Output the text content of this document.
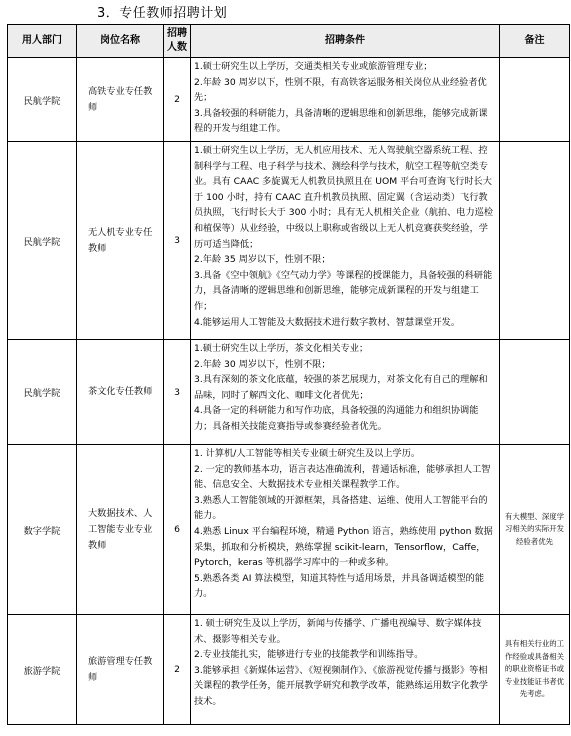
3．专任教师招聘计划
用人部门	岗位名称	招聘人数	招聘条件	备注
民航学院	高铁专业专任教师	2	1.硕士研究生以上学历，交通类相关专业或旅游管理专业；

2.年龄 30 周岁以下，性别不限，有高铁客运服务相关岗位从业经验者优先；

3.具备较强的科研能力，具备清晰的逻辑思维和创新思维，能够完成新课程的开发与组建工作。	

民航学院	无人机专业专任教师	3	1.硕士研究生以上学历，无人机应用技术、无人驾驶航空器系统工程、控制科学与工程、电子科学与技术、测绘科学与技术，航空工程等航空类专业。具有 CAAC 多旋翼无人机教员执照且在 UOM 平台可查询飞行时长大于 100 小时，持有 CAAC 直升机教员执照、固定翼（含运动类）飞行教员执照，飞行时长大于 300 小时；具有无人机相关企业（航拍、电力巡检和植保等）从业经验，中级以上职称或省级以上无人机竞赛获奖经验，学历可适当降低；

2.年龄 35 周岁以下，性别不限；

3.具备《空中领航》《空气动力学》等课程的授课能力，具备较强的科研能力，具备清晰的逻辑思维和创新思维，能够完成新课程的开发与组建工作；

4.能够运用人工智能及大数据技术进行数字教材、智慧课堂开发。	

民航学院	茶文化专任教师	3	1.硕士研究生以上学历，茶文化相关专业；

2.年龄 30 周岁以下，性别不限；

3.具有深刻的茶文化底蕴，较强的茶艺展现力，对茶文化有自己的理解和品味，同时了解西文化、咖啡文化者优先；

4.具备一定的科研能力和写作功底，具备较强的沟通能力和组织协调能力；具备相关技能竞赛指导或参赛经验者优先。	

数字学院	大数据技术、人工智能专业专业教师	6	1. 计算机/人工智能等相关专业硕士研究生及以上学历。

2. 一定的教师基本功，语言表达准确流利，普通话标准，能够承担人工智能、信息安全、大数据技术专业相关课程教学工作。

3.熟悉人工智能领域的开源框架，具备搭建、运维、使用人工智能平台的能力。

4.熟悉 Linux 平台编程环境，精通 Python 语言，熟练使用 python 数据采集，抓取和分析模块，熟练掌握 scikit-learn，Tensorflow，Caffe，Pytorch，keras 等机器学习库中的一种或多种。

5.熟悉各类 AI 算法模型，知道其特性与适用场景，并具备调适模型的能力。	有大模型、深度学习相关的实际开发经验者优先
旅游学院	旅游管理专任教师	2	1. 硕士研究生及以上学历，新闻与传播学、广播电视编导、数字媒体技术、摄影等相关专业。

2.专业技能扎实，能够进行专业的技能教学和训练指导。

3.能够承担《新媒体运营》、《短视频制作》、《旅游视觉传播与摄影》等相关课程的教学任务，能开展教学研究和教学改革，能熟练运用数字化教学技术。	具有相关行业的工作经验或具备相关的职业资格证书或专业技能证书者优先考虑。
